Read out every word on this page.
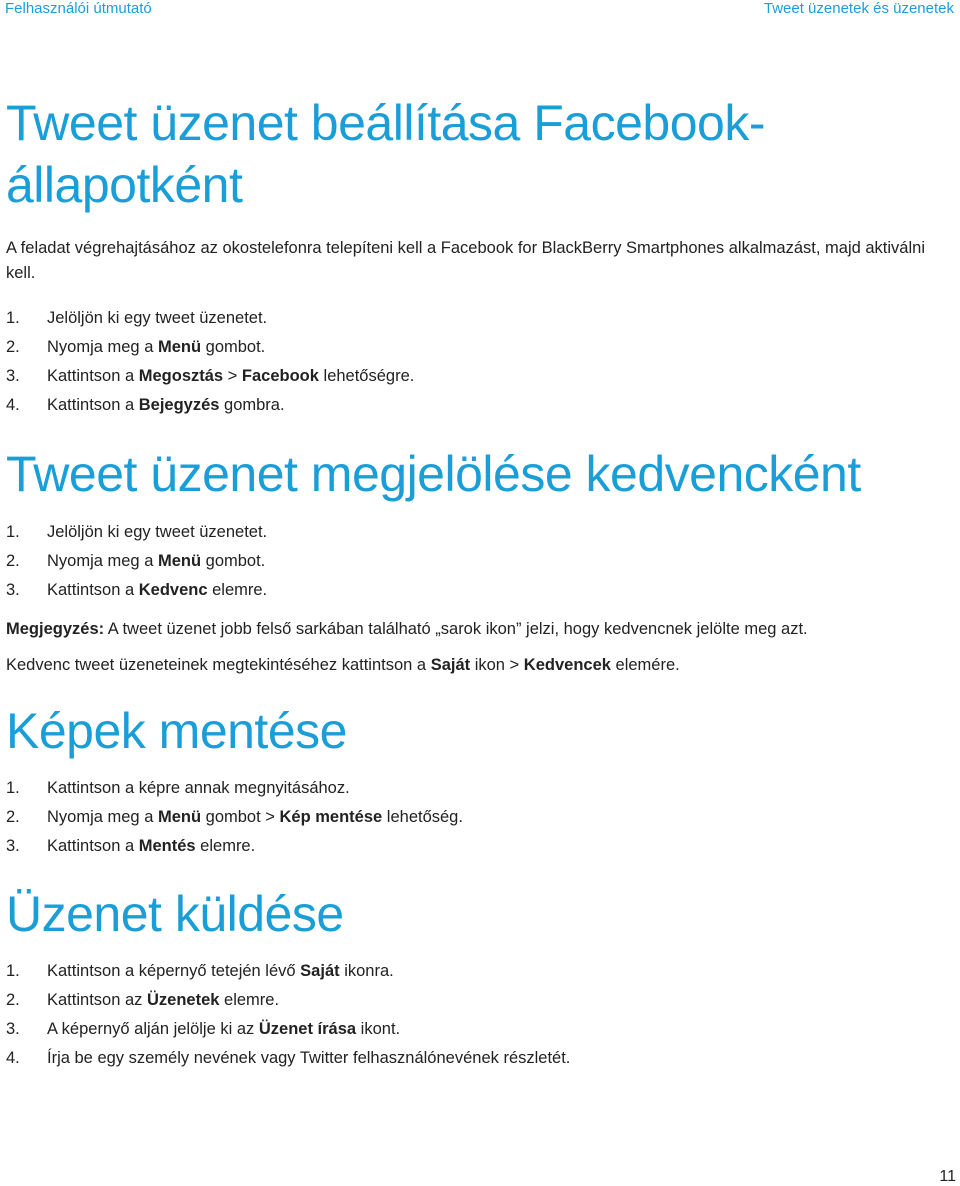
Felhasználói útmutató	Tweet üzenetek és üzenetek
Tweet üzenet beállítása Facebook-
állapotként

A feladat végrehajtásához az okostelefonra telepíteni kell a Facebook for BlackBerry Smartphones alkalmazást, majd aktiválni kell.

1. Jelöljön ki egy tweet üzenetet.
2. Nyomja meg a Menü gombot.
3. Kattintson a Megosztás > Facebook lehetőségre.
4. Kattintson a Bejegyzés gombra.
Tweet üzenet megjelölése kedvencként
1. Jelöljön ki egy tweet üzenetet.
2. Nyomja meg a Menü gombot.
3. Kattintson a Kedvenc elemre.

Megjegyzés: A tweet üzenet jobb felső sarkában található „sarok ikon” jelzi, hogy kedvencnek jelölte meg azt.

Kedvenc tweet üzeneteinek megtekintéséhez kattintson a Saját ikon > Kedvencek elemére.

Képek mentése
1. Kattintson a képre annak megnyitásához.
2. Nyomja meg a Menü gombot > Kép mentése lehetőség.
3. Kattintson a Mentés elemre.
Üzenet küldése
1. Kattintson a képernyő tetején lévő Saját ikonra.
2. Kattintson az Üzenetek elemre.
3. A képernyő alján jelölje ki az Üzenet írása ikont.
4. Írja be egy személy nevének vagy Twitter felhasználónevének részletét.
11
